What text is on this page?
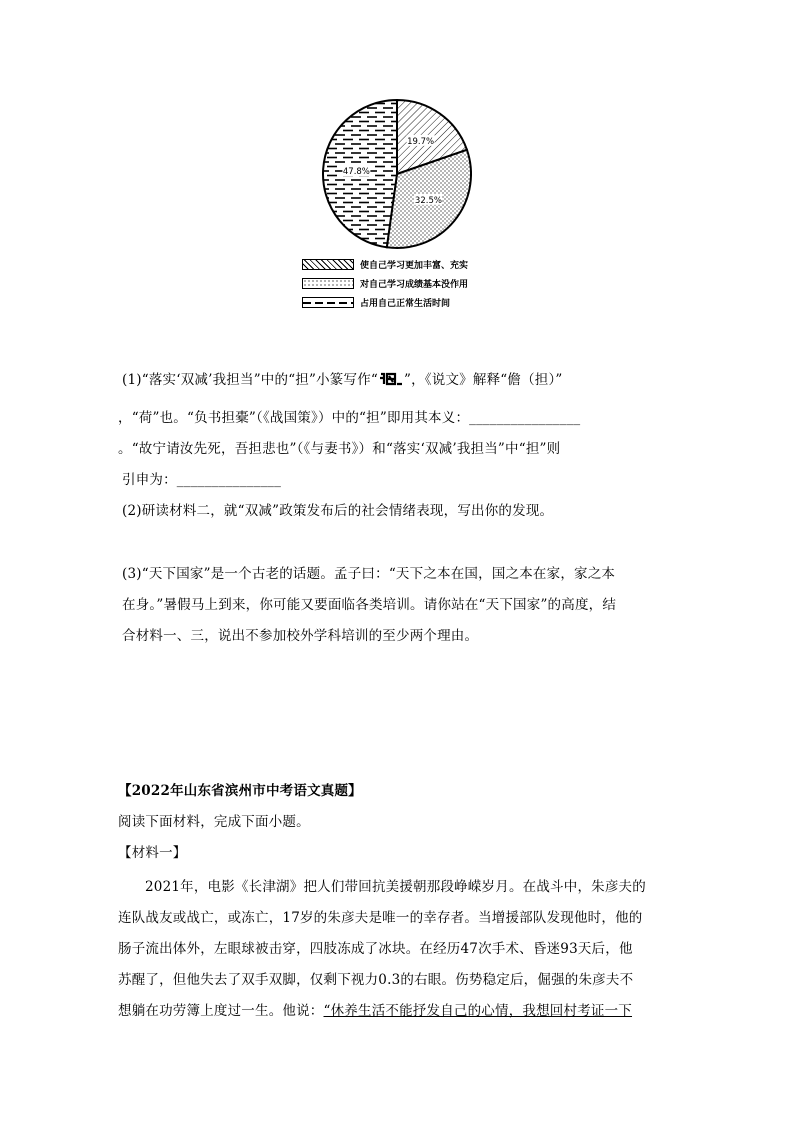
19.7%
32.5%
47.8%
使自己学习更加丰富、充实
对自己学习成绩基本没作用
占用自己正常生活时间
(1)“落实‘双减’我担当”中的“担”小篆写作“ ”，《说文》解释“儋（担）”
，“荷”也。“负书担橐”（《战国策》）中的“担”即用其本义：________________
。“故宁请汝先死，吾担悲也”（《与妻书》）和“落实‘双减’我担当”中“担”则
引申为：_______________
(2)研读材料二，就“双减”政策发布后的社会情绪表现，写出你的发现。
(3)“天下国家”是一个古老的话题。孟子曰：“天下之本在国，国之本在家，家之本
在身。”暑假马上到来，你可能又要面临各类培训。请你站在“天下国家”的高度，结
合材料一、三，说出不参加校外学科培训的至少两个理由。
【2022年山东省滨州市中考语文真题】
阅读下面材料，完成下面小题。
【材料一】
2021年，电影《长津湖》把人们带回抗美援朝那段峥嵘岁月。在战斗中，朱彦夫的
连队战友或战亡，或冻亡，17岁的朱彦夫是唯一的幸存者。当增援部队发现他时，他的
肠子流出体外，左眼球被击穿，四肢冻成了冰块。在经历47次手术、昏迷93天后，他
苏醒了，但他失去了双手双脚，仅剩下视力0.3的右眼。伤势稳定后，倔强的朱彦夫不
想躺在功劳簿上度过一生。他说：“休养生活不能抒发自己的心情，我想回村考证一下
